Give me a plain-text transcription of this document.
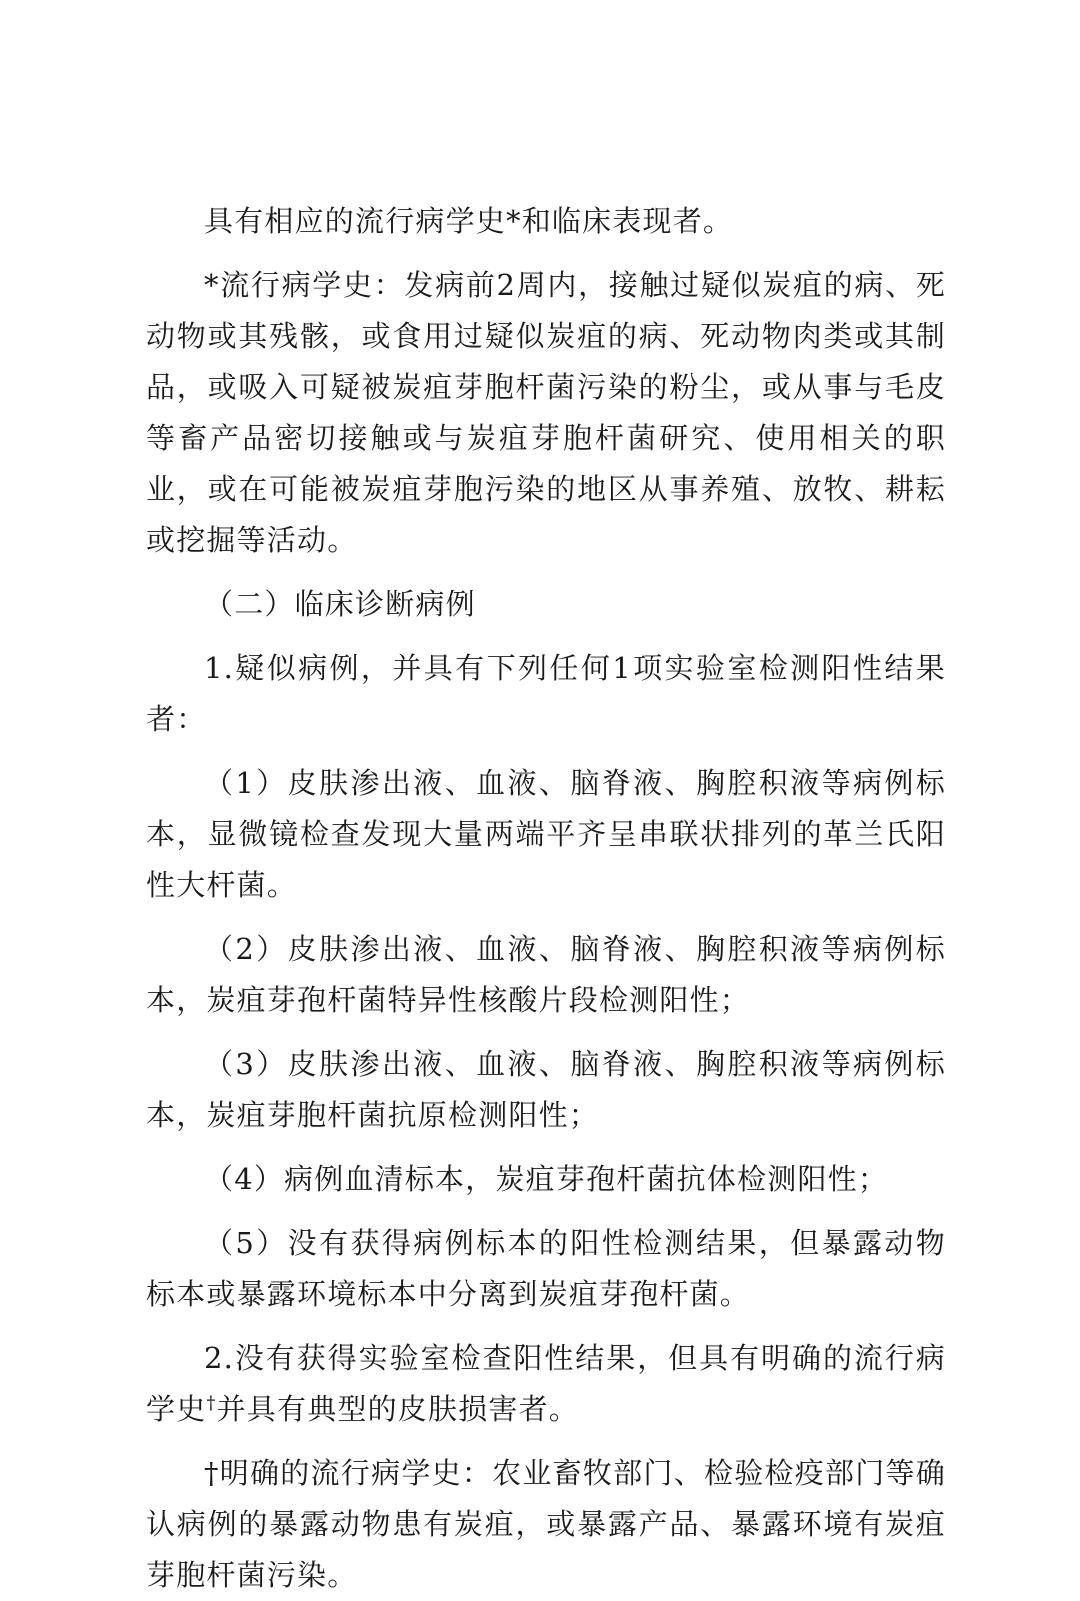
具有相应的流行病学史*和临床表现者。

*流行病学史：发病前2周内，接触过疑似炭疽的病、死动物或其残骸，或食用过疑似炭疽的病、死动物肉类或其制品，或吸入可疑被炭疽芽胞杆菌污染的粉尘，或从事与毛皮等畜产品密切接触或与炭疽芽胞杆菌研究、使用相关的职业，或在可能被炭疽芽胞污染的地区从事养殖、放牧、耕耘或挖掘等活动。

（二）临床诊断病例

1.疑似病例，并具有下列任何1项实验室检测阳性结果者：

（1）皮肤渗出液、血液、脑脊液、胸腔积液等病例标本，显微镜检查发现大量两端平齐呈串联状排列的革兰氏阳性大杆菌。

（2）皮肤渗出液、血液、脑脊液、胸腔积液等病例标本，炭疽芽孢杆菌特异性核酸片段检测阳性；

（3）皮肤渗出液、血液、脑脊液、胸腔积液等病例标本，炭疽芽胞杆菌抗原检测阳性；

（4）病例血清标本，炭疽芽孢杆菌抗体检测阳性；

（5）没有获得病例标本的阳性检测结果，但暴露动物标本或暴露环境标本中分离到炭疽芽孢杆菌。

2.没有获得实验室检查阳性结果，但具有明确的流行病学史†并具有典型的皮肤损害者。

†明确的流行病学史：农业畜牧部门、检验检疫部门等确认病例的暴露动物患有炭疽，或暴露产品、暴露环境有炭疽芽胞杆菌污染。
